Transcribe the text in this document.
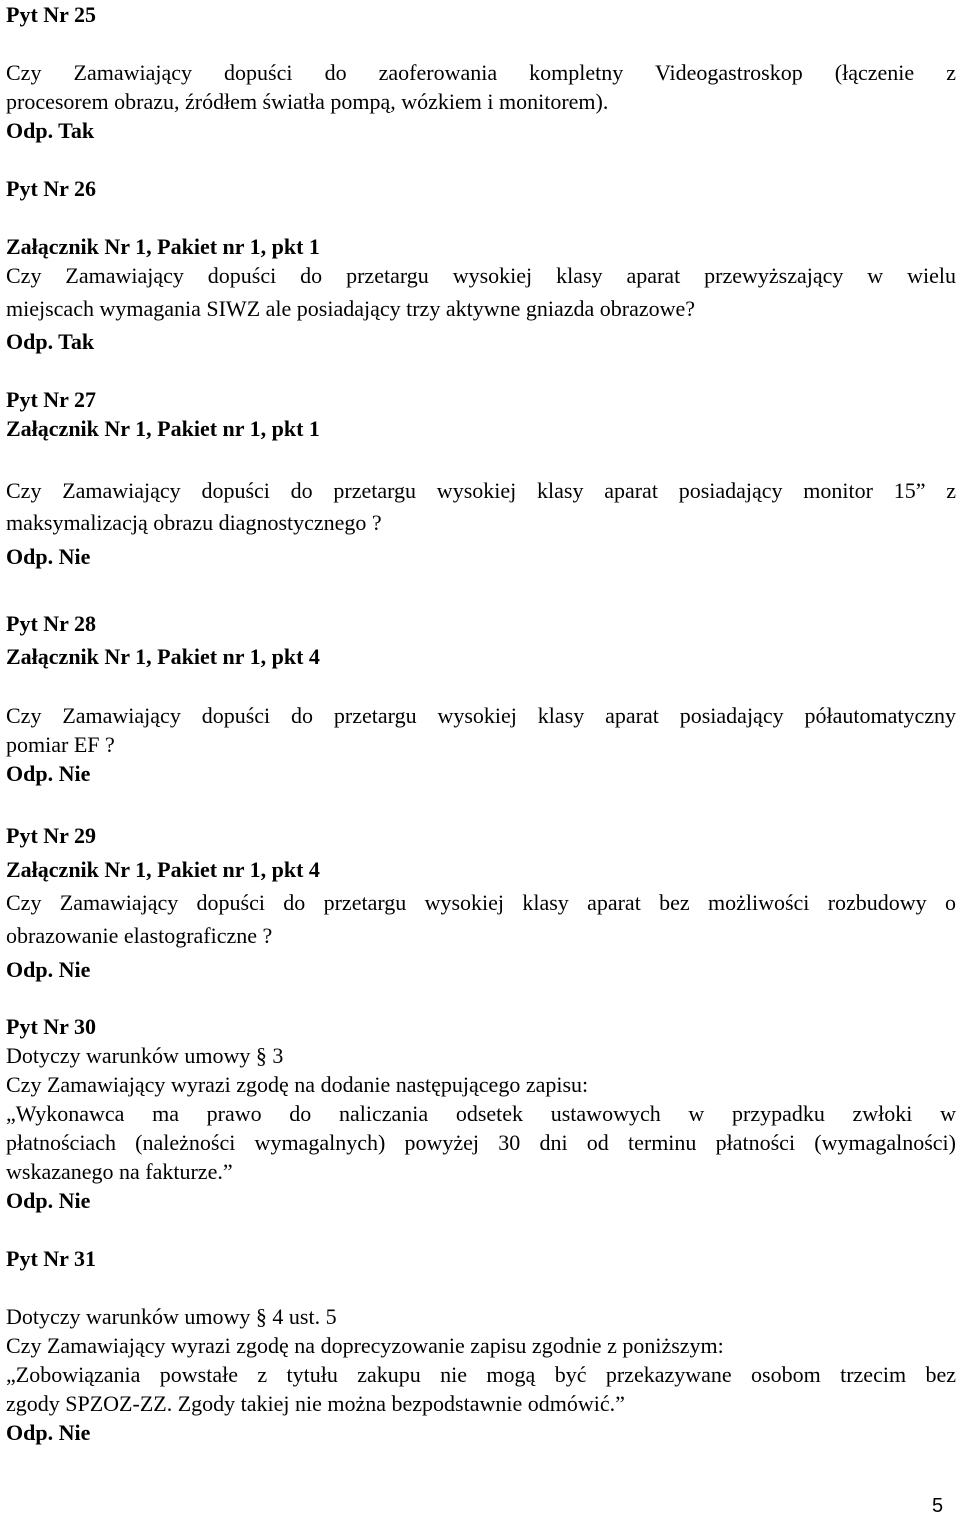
Pyt Nr 25
Czy Zamawiający dopuści do zaoferowania kompletny Videogastroskop (łączenie z
procesorem obrazu, źródłem światła pompą, wózkiem i monitorem).
Odp. Tak
Pyt Nr 26
Załącznik Nr 1, Pakiet nr 1, pkt 1
Czy Zamawiający dopuści do przetargu wysokiej klasy aparat przewyższający w wielu
miejscach wymagania SIWZ ale posiadający trzy aktywne gniazda obrazowe?
Odp. Tak
Pyt Nr 27
Załącznik Nr 1, Pakiet nr 1, pkt 1
Czy Zamawiający dopuści do przetargu wysokiej klasy aparat posiadający monitor 15” z
maksymalizacją obrazu diagnostycznego ?
Odp. Nie
Pyt Nr 28
Załącznik Nr 1, Pakiet nr 1, pkt 4
Czy Zamawiający dopuści do przetargu wysokiej klasy aparat posiadający półautomatyczny
pomiar EF ?
Odp. Nie
Pyt Nr 29
Załącznik Nr 1, Pakiet nr 1, pkt 4
Czy Zamawiający dopuści do przetargu wysokiej klasy aparat bez możliwości rozbudowy o
obrazowanie elastograficzne ?
Odp. Nie
Pyt Nr 30
Dotyczy warunków umowy § 3
Czy Zamawiający wyrazi zgodę na dodanie następującego zapisu:
„Wykonawca ma prawo do naliczania odsetek ustawowych w przypadku zwłoki w
płatnościach (należności wymagalnych) powyżej 30 dni od terminu płatności (wymagalności)
wskazanego na fakturze.”
Odp. Nie
Pyt Nr 31
Dotyczy warunków umowy § 4 ust. 5
Czy Zamawiający wyrazi zgodę na doprecyzowanie zapisu zgodnie z poniższym:
„Zobowiązania powstałe z tytułu zakupu nie mogą być przekazywane osobom trzecim bez
zgody SPZOZ-ZZ. Zgody takiej nie można bezpodstawnie odmówić.”
Odp. Nie
5
